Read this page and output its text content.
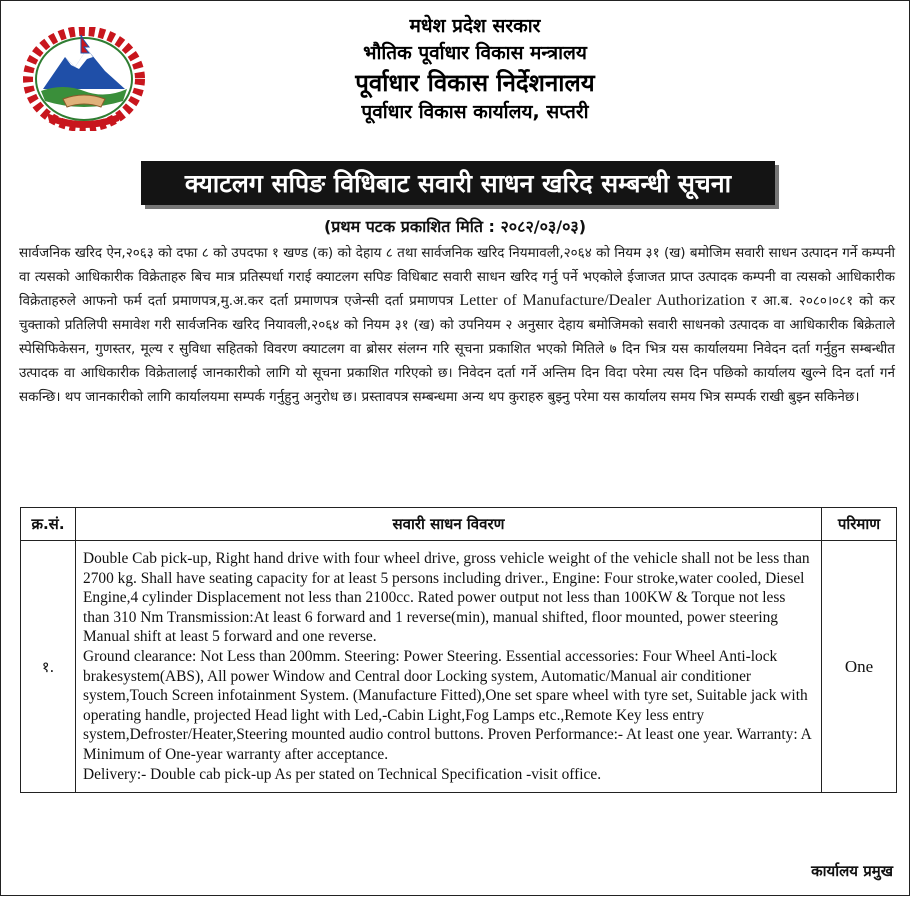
मधेश प्रदेश सरकार
भौतिक पूर्वाधार विकास मन्त्रालय
पूर्वाधार विकास निर्देशनालय
पूर्वाधार विकास कार्यालय, सप्तरी
क्याटलग सपिङ विधिबाट सवारी साधन खरिद सम्बन्धी सूचना
(प्रथम पटक प्रकाशित मिति : २०८२/०३/०३)
सार्वजनिक खरिद ऐन,२०६३ को दफा ८ को उपदफा १ खण्ड (क) को देहाय ८ तथा सार्वजनिक खरिद नियमावली,२०६४ को नियम ३१ (ख) बमोजिम सवारी साधन उत्पादन गर्ने कम्पनी वा त्यसको आधिकारीक विक्रेताहरु बिच मात्र प्रतिस्पर्धा गराई क्याटलग सपिङ विधिबाट सवारी साधन खरिद गर्नु पर्ने भएकोले ईजाजत प्राप्त उत्पादक कम्पनी वा त्यसको आधिकारीक विक्रेताहरुले आफनो फर्म दर्ता प्रमाणपत्र,मु.अ.कर दर्ता प्रमाणपत्र एजेन्सी दर्ता प्रमाणपत्र Letter of Manufacture/Dealer Authorization र आ.ब. २०८०।०८१ को कर चुक्ताको प्रतिलिपी समावेश गरी सार्वजनिक खरिद नियावली,२०६४ को नियम ३१ (ख) को उपनियम २ अनुसार देहाय बमोजिमको सवारी साधनको उत्पादक वा आधिकारीक बिक्रेताले स्पेसिफिकेसन, गुणस्तर, मूल्य र सुविधा सहितको विवरण क्याटलग वा ब्रोसर संलग्न गरि सूचना प्रकाशित भएको मितिले ७ दिन भित्र यस कार्यालयमा निवेदन दर्ता गर्नुहुन सम्बन्धीत उत्पादक वा आधिकारीक विक्रेतालाई जानकारीको लागि यो सूचना प्रकाशित गरिएको छ। निवेदन दर्ता गर्ने अन्तिम दिन विदा परेमा त्यस दिन पछिको कार्यालय खुल्ने दिन दर्ता गर्न सकन्छि। थप जानकारीको लागि कार्यालयमा सम्पर्क गर्नुहुनु अनुरोध छ। प्रस्तावपत्र सम्बन्धमा अन्य थप कुराहरु बुझ्नु परेमा यस कार्यालय समय भित्र सम्पर्क राखी बुझ्न सकिनेछ।
क्र.सं.	सवारी साधन विवरण	परिमाण
१.	Double Cab pick-up, Right hand drive with four wheel drive, gross vehicle weight of the vehicle shall not be less than 2700 kg. Shall have seating capacity for at least 5 persons including driver., Engine: Four stroke,water cooled, Diesel Engine,4 cylinder Displacement not less than 2100cc. Rated power output not less than 100KW & Torque not less than 310 Nm Transmission:At least 6 forward and 1 reverse(min), manual shifted, floor mounted, power steering Manual shift at least 5 forward and one reverse.

Ground clearance: Not Less than 200mm. Steering: Power Steering. Essential accessories: Four Wheel Anti-lock brakesystem(ABS), All power Window and Central door Locking system, Automatic/Manual air conditioner system,Touch Screen infotainment System. (Manufacture Fitted),One set spare wheel with tyre set, Suitable jack with operating handle, projected Head light with Led,-Cabin Light,Fog Lamps etc.,Remote Key less entry system,Defroster/Heater,Steering mounted audio control buttons. Proven Performance:- At least one year. Warranty: A Minimum of One-year warranty after acceptance.

Delivery:- Double cab pick-up As per stated on Technical Specification -visit office.	One
कार्यालय प्रमुख
